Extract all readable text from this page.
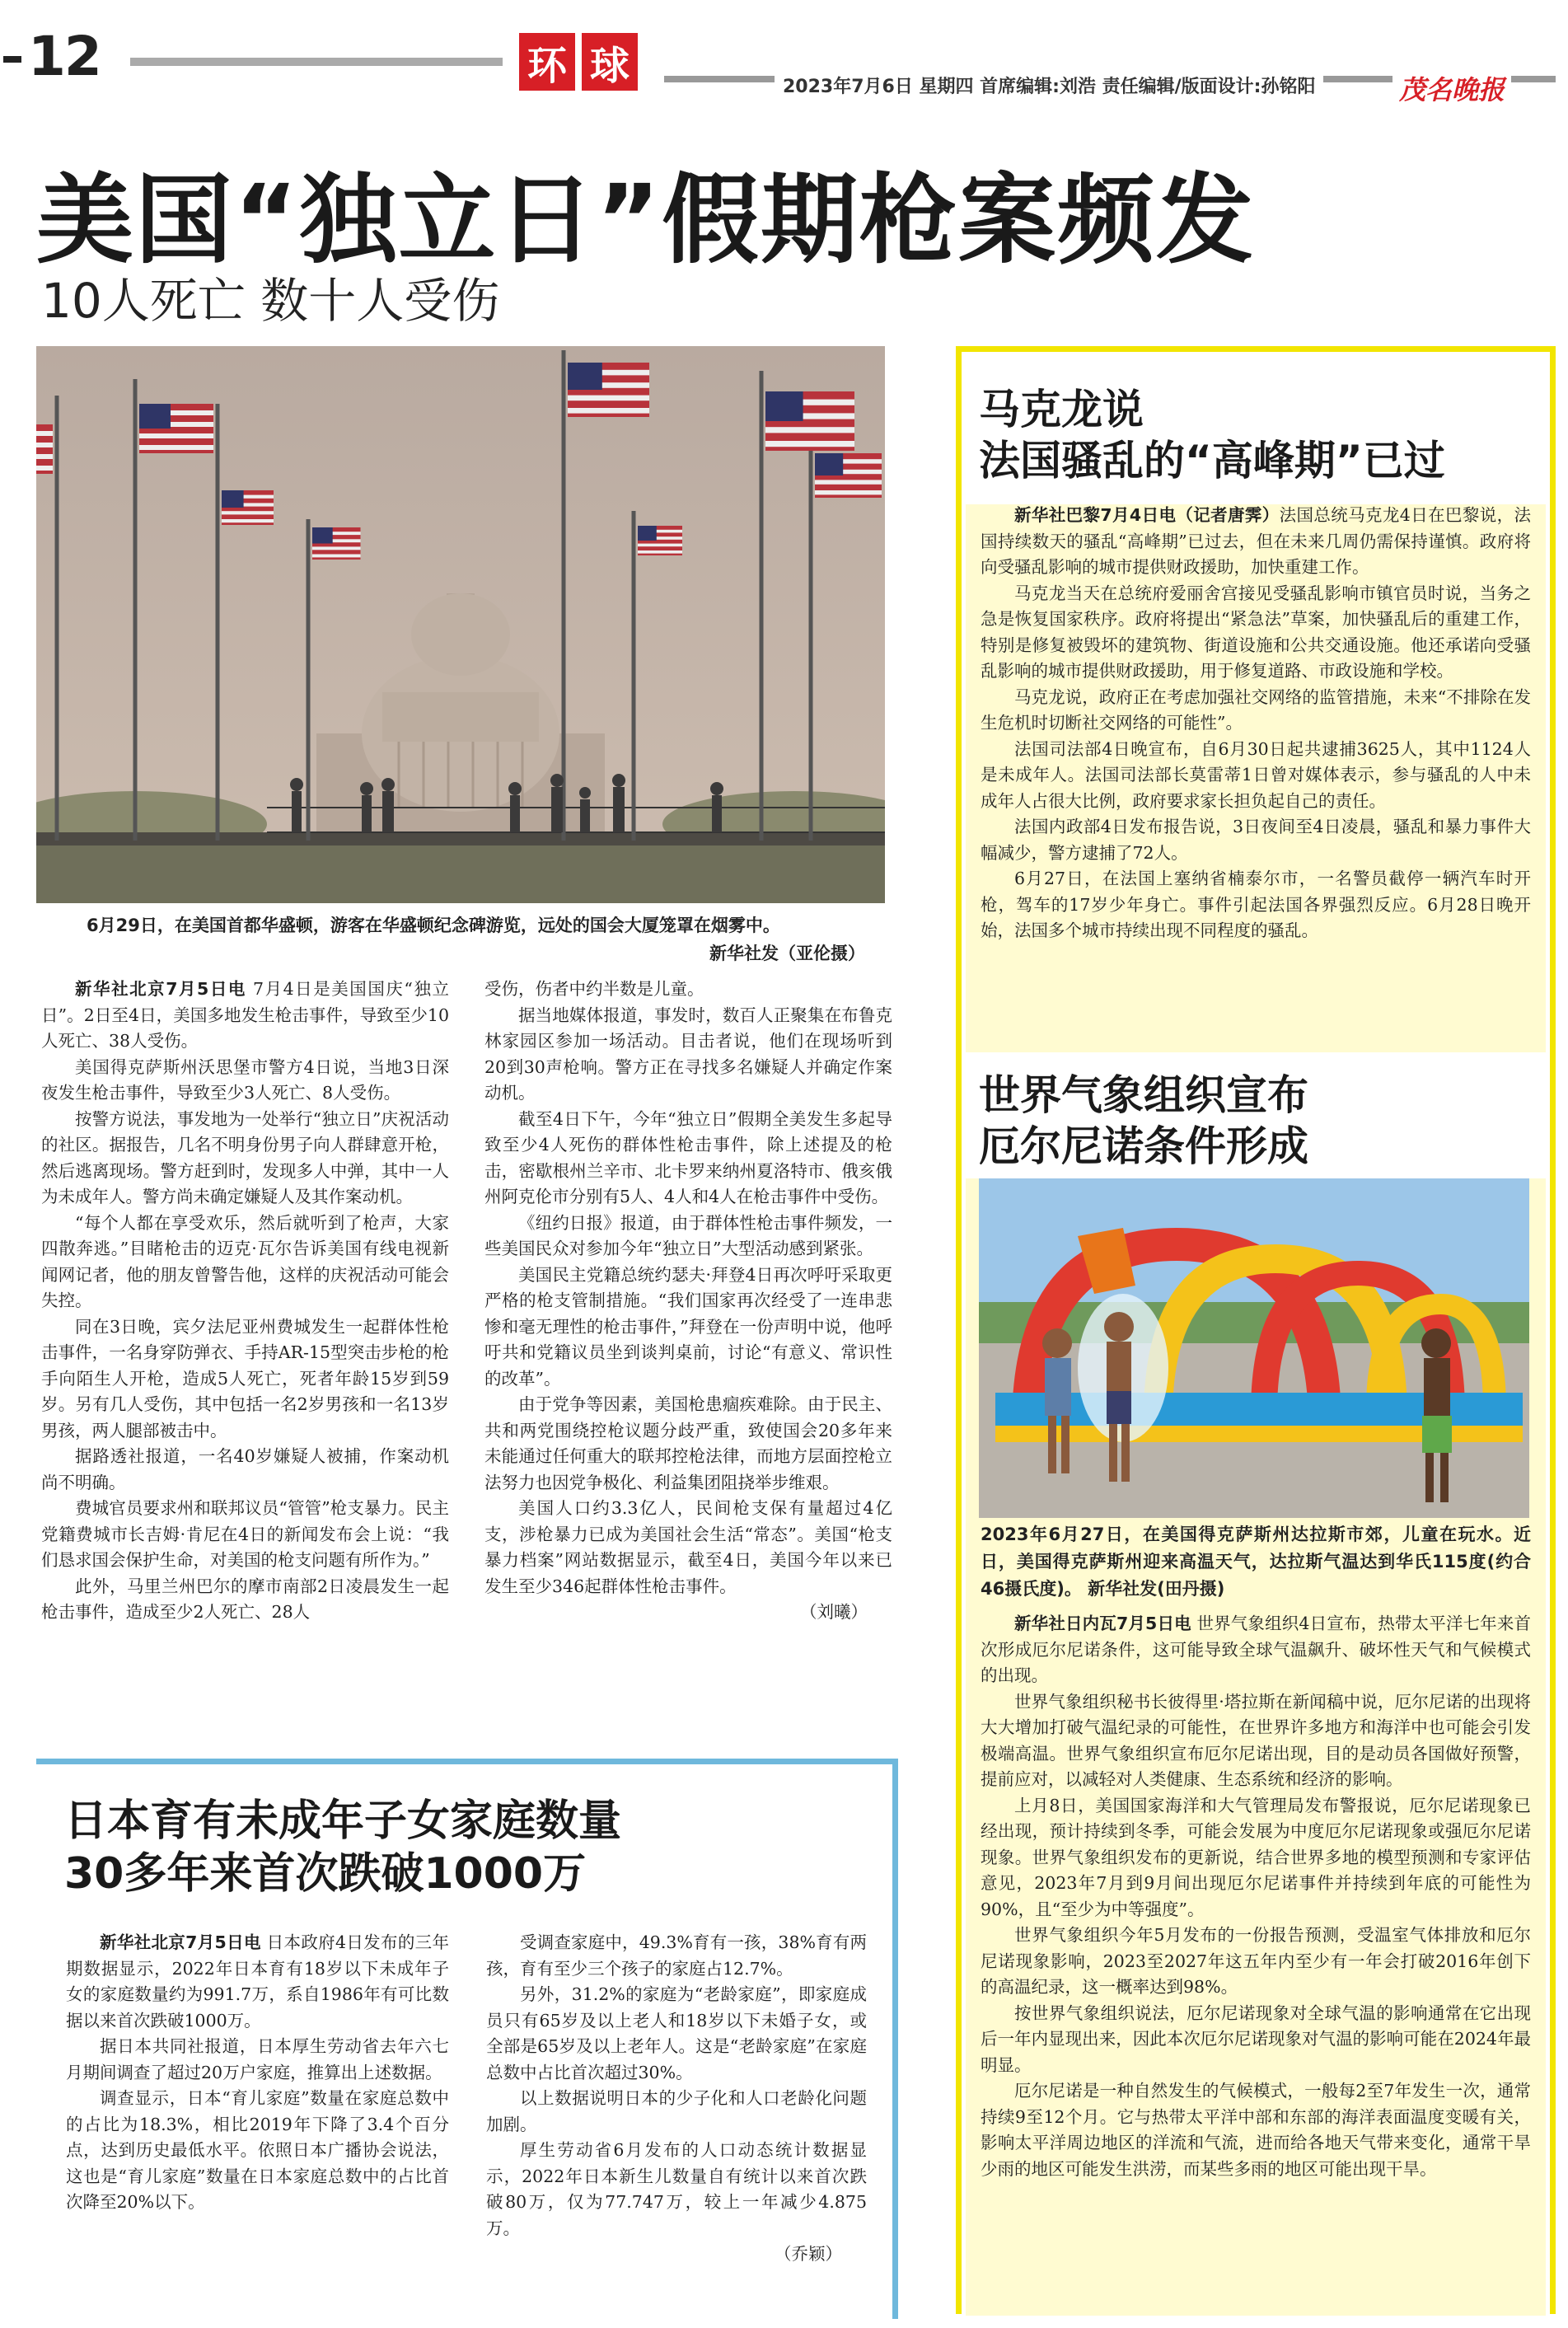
12	环 球	2023年7月6日 星期四 首席编辑:刘浩 责任编辑/版面设计:孙铭阳	茂名晚报
美国“独立日”假期枪案频发
10人死亡 数十人受伤
6月29日，在美国首都华盛顿，游客在华盛顿纪念碑游览，远处的国会大厦笼罩在烟雾中。
新华社发（亚伦摄）

新华社北京7月5日电 7月4日是美国国庆“独立日”。2日至4日，美国多地发生枪击事件，导致至少10人死亡、38人受伤。

美国得克萨斯州沃思堡市警方4日说，当地3日深夜发生枪击事件，导致至少3人死亡、8人受伤。

按警方说法，事发地为一处举行“独立日”庆祝活动的社区。据报告，几名不明身份男子向人群肆意开枪，然后逃离现场。警方赶到时，发现多人中弹，其中一人为未成年人。警方尚未确定嫌疑人及其作案动机。

“每个人都在享受欢乐，然后就听到了枪声，大家四散奔逃。”目睹枪击的迈克·瓦尔告诉美国有线电视新闻网记者，他的朋友曾警告他，这样的庆祝活动可能会失控。

同在3日晚，宾夕法尼亚州费城发生一起群体性枪击事件，一名身穿防弹衣、手持AR-15型突击步枪的枪手向陌生人开枪，造成5人死亡，死者年龄15岁到59岁。另有几人受伤，其中包括一名2岁男孩和一名13岁男孩，两人腿部被击中。

据路透社报道，一名40岁嫌疑人被捕，作案动机尚不明确。

费城官员要求州和联邦议员“管管”枪支暴力。民主党籍费城市长吉姆·肯尼在4日的新闻发布会上说：“我们恳求国会保护生命，对美国的枪支问题有所作为。”

此外，马里兰州巴尔的摩市南部2日凌晨发生一起枪击事件，造成至少2人死亡、28人

受伤，伤者中约半数是儿童。

据当地媒体报道，事发时，数百人正聚集在布鲁克林家园区参加一场活动。目击者说，他们在现场听到20到30声枪响。警方正在寻找多名嫌疑人并确定作案动机。

截至4日下午，今年“独立日”假期全美发生多起导致至少4人死伤的群体性枪击事件，除上述提及的枪击，密歇根州兰辛市、北卡罗来纳州夏洛特市、俄亥俄州阿克伦市分别有5人、4人和4人在枪击事件中受伤。

《纽约日报》报道，由于群体性枪击事件频发，一些美国民众对参加今年“独立日”大型活动感到紧张。

美国民主党籍总统约瑟夫·拜登4日再次呼吁采取更严格的枪支管制措施。“我们国家再次经受了一连串悲惨和毫无理性的枪击事件，”拜登在一份声明中说，他呼吁共和党籍议员坐到谈判桌前，讨论“有意义、常识性的改革”。

由于党争等因素，美国枪患痼疾难除。由于民主、共和两党围绕控枪议题分歧严重，致使国会20多年来未能通过任何重大的联邦控枪法律，而地方层面控枪立法努力也因党争极化、利益集团阻挠举步维艰。

美国人口约3.3亿人，民间枪支保有量超过4亿支，涉枪暴力已成为美国社会生活“常态”。美国“枪支暴力档案”网站数据显示，截至4日，美国今年以来已发生至少346起群体性枪击事件。

（刘曦）
日本育有未成年子女家庭数量
30多年来首次跌破1000万

新华社北京7月5日电 日本政府4日发布的三年期数据显示，2022年日本育有18岁以下未成年子女的家庭数量约为991.7万，系自1986年有可比数据以来首次跌破1000万。

据日本共同社报道，日本厚生劳动省去年六七月期间调查了超过20万户家庭，推算出上述数据。

调查显示，日本“育儿家庭”数量在家庭总数中的占比为18.3%，相比2019年下降了3.4个百分点，达到历史最低水平。依照日本广播协会说法，这也是“育儿家庭”数量在日本家庭总数中的占比首次降至20%以下。

受调查家庭中，49.3%育有一孩，38%育有两孩，育有至少三个孩子的家庭占12.7%。

另外，31.2%的家庭为“老龄家庭”，即家庭成员只有65岁及以上老人和18岁以下未婚子女，或全部是65岁及以上老年人。这是“老龄家庭”在家庭总数中占比首次超过30%。

以上数据说明日本的少子化和人口老龄化问题加剧。

厚生劳动省6月发布的人口动态统计数据显示，2022年日本新生儿数量自有统计以来首次跌破80万，仅为77.747万，较上一年减少4.875万。

（乔颖）
马克龙说
法国骚乱的“高峰期”已过

新华社巴黎7月4日电（记者唐霁）法国总统马克龙4日在巴黎说，法国持续数天的骚乱“高峰期”已过去，但在未来几周仍需保持谨慎。政府将向受骚乱影响的城市提供财政援助，加快重建工作。

马克龙当天在总统府爱丽舍宫接见受骚乱影响市镇官员时说，当务之急是恢复国家秩序。政府将提出“紧急法”草案，加快骚乱后的重建工作，特别是修复被毁坏的建筑物、街道设施和公共交通设施。他还承诺向受骚乱影响的城市提供财政援助，用于修复道路、市政设施和学校。

马克龙说，政府正在考虑加强社交网络的监管措施，未来“不排除在发生危机时切断社交网络的可能性”。

法国司法部4日晚宣布，自6月30日起共逮捕3625人，其中1124人是未成年人。法国司法部长莫雷蒂1日曾对媒体表示，参与骚乱的人中未成年人占很大比例，政府要求家长担负起自己的责任。

法国内政部4日发布报告说，3日夜间至4日凌晨，骚乱和暴力事件大幅减少，警方逮捕了72人。

6月27日，在法国上塞纳省楠泰尔市，一名警员截停一辆汽车时开枪，驾车的17岁少年身亡。事件引起法国各界强烈反应。6月28日晚开始，法国多个城市持续出现不同程度的骚乱。

世界气象组织宣布
厄尔尼诺条件形成
2023年6月27日，在美国得克萨斯州达拉斯市郊，儿童在玩水。近日，美国得克萨斯州迎来高温天气，达拉斯气温达到华氏115度(约合46摄氏度)。 新华社发(田丹摄)

新华社日内瓦7月5日电 世界气象组织4日宣布，热带太平洋七年来首次形成厄尔尼诺条件，这可能导致全球气温飙升、破坏性天气和气候模式的出现。

世界气象组织秘书长彼得里·塔拉斯在新闻稿中说，厄尔尼诺的出现将大大增加打破气温纪录的可能性，在世界许多地方和海洋中也可能会引发极端高温。世界气象组织宣布厄尔尼诺出现，目的是动员各国做好预警，提前应对，以减轻对人类健康、生态系统和经济的影响。

上月8日，美国国家海洋和大气管理局发布警报说，厄尔尼诺现象已经出现，预计持续到冬季，可能会发展为中度厄尔尼诺现象或强厄尔尼诺现象。世界气象组织发布的更新说，结合世界多地的模型预测和专家评估意见，2023年7月到9月间出现厄尔尼诺事件并持续到年底的可能性为90%，且“至少为中等强度”。

世界气象组织今年5月发布的一份报告预测，受温室气体排放和厄尔尼诺现象影响，2023至2027年这五年内至少有一年会打破2016年创下的高温纪录，这一概率达到98%。

按世界气象组织说法，厄尔尼诺现象对全球气温的影响通常在它出现后一年内显现出来，因此本次厄尔尼诺现象对气温的影响可能在2024年最明显。

厄尔尼诺是一种自然发生的气候模式，一般每2至7年发生一次，通常持续9至12个月。它与热带太平洋中部和东部的海洋表面温度变暖有关，影响太平洋周边地区的洋流和气流，进而给各地天气带来变化，通常干旱少雨的地区可能发生洪涝，而某些多雨的地区可能出现干旱。
